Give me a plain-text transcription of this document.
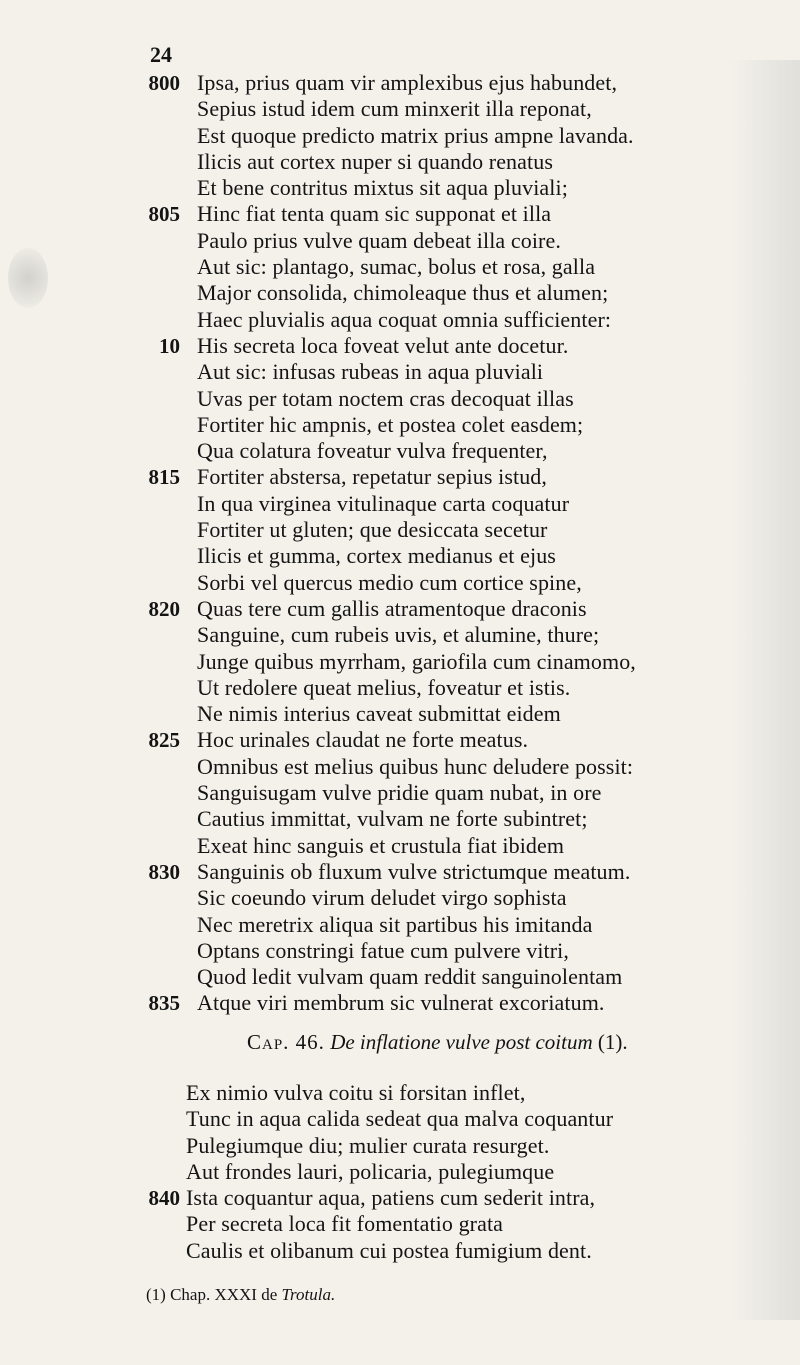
24
800 Ipsa, prius quam vir amplexibus ejus habundet,
Sepius istud idem cum minxerit illa reponat,
Est quoque predicto matrix prius ampne lavanda.
Ilicis aut cortex nuper si quando renatus
Et bene contritus mixtus sit aqua pluviali;
805 Hinc fiat tenta quam sic supponat et illa
Paulo prius vulve quam debeat illa coire.
Aut sic: plantago, sumac, bolus et rosa, galla
Major consolida, chimoleaque thus et alumen;
Haec pluvialis aqua coquat omnia sufficienter:
10 His secreta loca foveat velut ante docetur.
Aut sic: infusas rubeas in aqua pluviali
Uvas per totam noctem cras decoquat illas
Fortiter hic ampnis, et postea colet easdem;
Qua colatura foveatur vulva frequenter,
815 Fortiter abstersa, repetatur sepius istud,
In qua virginea vitulinaque carta coquatur
Fortiter ut gluten; que desiccata secetur
Ilicis et gumma, cortex medianus et ejus
Sorbi vel quercus medio cum cortice spine,
820 Quas tere cum gallis atramentoque draconis
Sanguine, cum rubeis uvis, et alumine, thure;
Junge quibus myrrham, gariofila cum cinamomo,
Ut redolere queat melius, foveatur et istis.
Ne nimis interius caveat submittat eidem
825 Hoc urinales claudat ne forte meatus.
Omnibus est melius quibus hunc deludere possit:
Sanguisugam vulve pridie quam nubat, in ore
Cautius immittat, vulvam ne forte subintret;
Exeat hinc sanguis et crustula fiat ibidem
830 Sanguinis ob fluxum vulve strictumque meatum.
Sic coeundo virum deludet virgo sophista
Nec meretrix aliqua sit partibus his imitanda
Optans constringi fatue cum pulvere vitri,
Quod ledit vulvam quam reddit sanguinolentam
835 Atque viri membrum sic vulnerat excoriatum.
Cap. 46. De inflatione vulve post coitum (1).
Ex nimio vulva coitu si forsitan inflet,
Tunc in aqua calida sedeat qua malva coquantur
Pulegiumque diu; mulier curata resurget.
Aut frondes lauri, policaria, pulegiumque
840 Ista coquantur aqua, patiens cum sederit intra,
Per secreta loca fit fomentatio grata
Caulis et olibanum cui postea fumigium dent.
(1) Chap. XXXI de Trotula.
